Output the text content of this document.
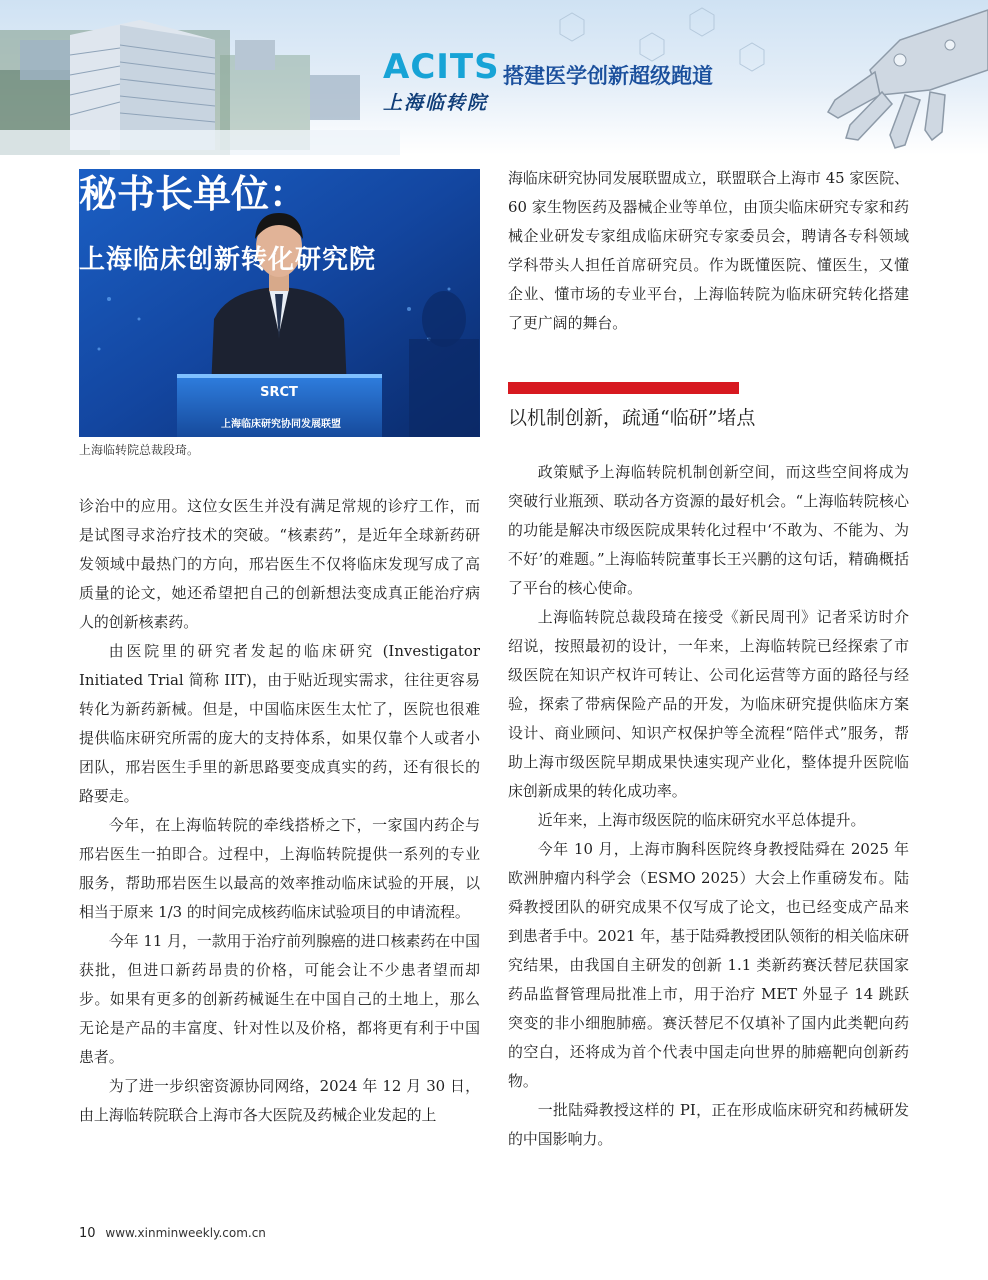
ACITS
上海临转院
搭建医学创新超级跑道
秘书长单位：
上海临床创新转化研究院
SRCT
上海临床研究协同发展联盟
上海临转院总裁段琦。

诊治中的应用。这位女医生并没有满足常规的诊疗工作，而是试图寻求治疗技术的突破。“核素药”，是近年全球新药研发领域中最热门的方向，邢岩医生不仅将临床发现写成了高质量的论文，她还希望把自己的创新想法变成真正能治疗病人的创新核素药。

由医院里的研究者发起的临床研究 (Investigator Initiated Trial 简称 IIT)，由于贴近现实需求，往往更容易转化为新药新械。但是，中国临床医生太忙了，医院也很难提供临床研究所需的庞大的支持体系，如果仅靠个人或者小团队，邢岩医生手里的新思路要变成真实的药，还有很长的路要走。

今年，在上海临转院的牵线搭桥之下，一家国内药企与邢岩医生一拍即合。过程中，上海临转院提供一系列的专业服务，帮助邢岩医生以最高的效率推动临床试验的开展，以相当于原来 1/3 的时间完成核药临床试验项目的申请流程。

今年 11 月，一款用于治疗前列腺癌的进口核素药在中国获批，但进口新药昂贵的价格，可能会让不少患者望而却步。如果有更多的创新药械诞生在中国自己的土地上，那么无论是产品的丰富度、针对性以及价格，都将更有利于中国患者。

为了进一步织密资源协同网络，2024 年 12 月 30 日，由上海临转院联合上海市各大医院及药械企业发起的上

海临床研究协同发展联盟成立，联盟联合上海市 45 家医院、60 家生物医药及器械企业等单位，由顶尖临床研究专家和药械企业研发专家组成临床研究专家委员会，聘请各专科领域学科带头人担任首席研究员。作为既懂医院、懂医生，又懂企业、懂市场的专业平台，上海临转院为临床研究转化搭建了更广阔的舞台。

以机制创新，疏通“临研”堵点

政策赋予上海临转院机制创新空间，而这些空间将成为突破行业瓶颈、联动各方资源的最好机会。“上海临转院核心的功能是解决市级医院成果转化过程中‘不敢为、不能为、为不好’的难题。”上海临转院董事长王兴鹏的这句话，精确概括了平台的核心使命。

上海临转院总裁段琦在接受《新民周刊》记者采访时介绍说，按照最初的设计，一年来，上海临转院已经探索了市级医院在知识产权许可转让、公司化运营等方面的路径与经验，探索了带病保险产品的开发，为临床研究提供临床方案设计、商业顾问、知识产权保护等全流程“陪伴式”服务，帮助上海市级医院早期成果快速实现产业化，整体提升医院临床创新成果的转化成功率。

近年来，上海市级医院的临床研究水平总体提升。

今年 10 月，上海市胸科医院终身教授陆舜在 2025 年欧洲肿瘤内科学会（ESMO 2025）大会上作重磅发布。陆舜教授团队的研究成果不仅写成了论文，也已经变成产品来到患者手中。2021 年，基于陆舜教授团队领衔的相关临床研究结果，由我国自主研发的创新 1.1 类新药赛沃替尼获国家药品监督管理局批准上市，用于治疗 MET 外显子 14 跳跃突变的非小细胞肺癌。赛沃替尼不仅填补了国内此类靶向药的空白，还将成为首个代表中国走向世界的肺癌靶向创新药物。

一批陆舜教授这样的 PI，正在形成临床研究和药械研发的中国影响力。

10 www.xinminweekly.com.cn
